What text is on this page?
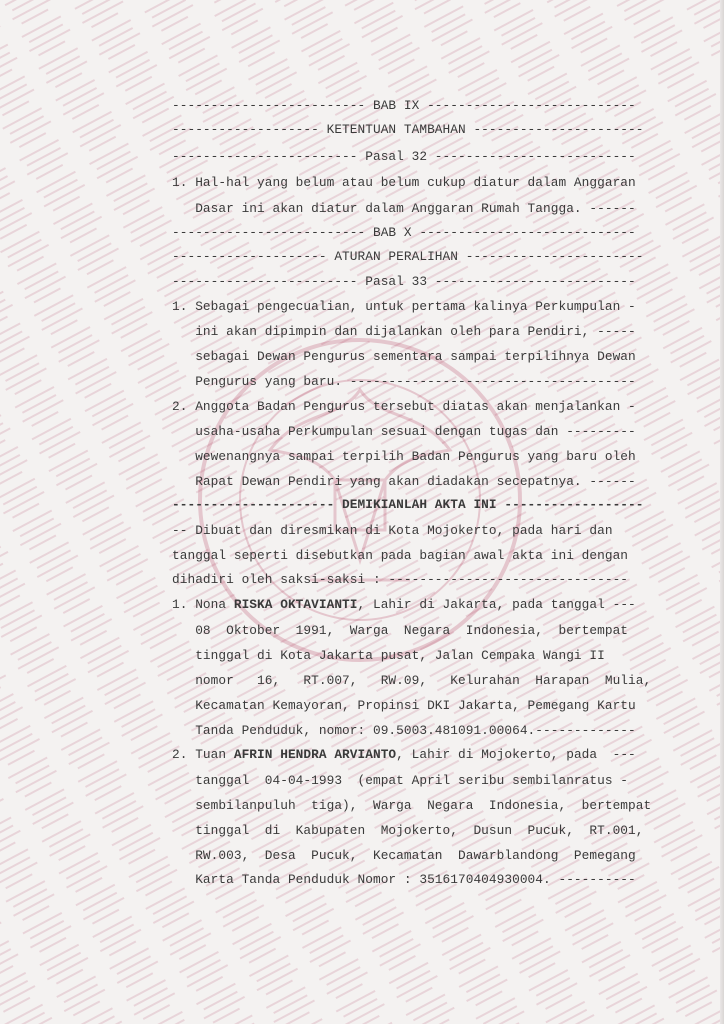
------------------------- BAB IX ---------------------------
------------------- KETENTUAN TAMBAHAN ----------------------
------------------------ Pasal 32 --------------------------
1. Hal-hal yang belum atau belum cukup diatur dalam Anggaran
Dasar ini akan diatur dalam Anggaran Rumah Tangga. ------
------------------------- BAB X ----------------------------
-------------------- ATURAN PERALIHAN -----------------------
------------------------ Pasal 33 --------------------------
1. Sebagai pengecualian, untuk pertama kalinya Perkumpulan -
ini akan dipimpin dan dijalankan oleh para Pendiri, -----
sebagai Dewan Pengurus sementara sampai terpilihnya Dewan
Pengurus yang baru. -------------------------------------
2. Anggota Badan Pengurus tersebut diatas akan menjalankan -
usaha-usaha Perkumpulan sesuai dengan tugas dan ---------
wewenangnya sampai terpilih Badan Pengurus yang baru oleh
Rapat Dewan Pendiri yang akan diadakan secepatnya. ------
--------------------- DEMIKIANLAH AKTA INI ------------------
-- Dibuat dan diresmikan di Kota Mojokerto, pada hari dan
tanggal seperti disebutkan pada bagian awal akta ini dengan
dihadiri oleh saksi-saksi : -------------------------------
1. Nona RISKA OKTAVIANTI, Lahir di Jakarta, pada tanggal ---
08  Oktober  1991,  Warga  Negara  Indonesia,  bertempat
tinggal di Kota Jakarta pusat, Jalan Cempaka Wangi II
nomor   16,   RT.007,   RW.09,   Kelurahan  Harapan  Mulia,
Kecamatan Kemayoran, Propinsi DKI Jakarta, Pemegang Kartu
Tanda Penduduk, nomor: 09.5003.481091.00064.-------------
2. Tuan AFRIN HENDRA ARVIANTO, Lahir di Mojokerto, pada  ---
tanggal  04-04-1993  (empat April seribu sembilanratus -
sembilanpuluh  tiga),  Warga  Negara  Indonesia,  bertempat
tinggal  di  Kabupaten  Mojokerto,  Dusun  Pucuk,  RT.001,
RW.003,  Desa  Pucuk,  Kecamatan  Dawarblandong  Pemegang
Karta Tanda Penduduk Nomor : 3516170404930004. ----------
